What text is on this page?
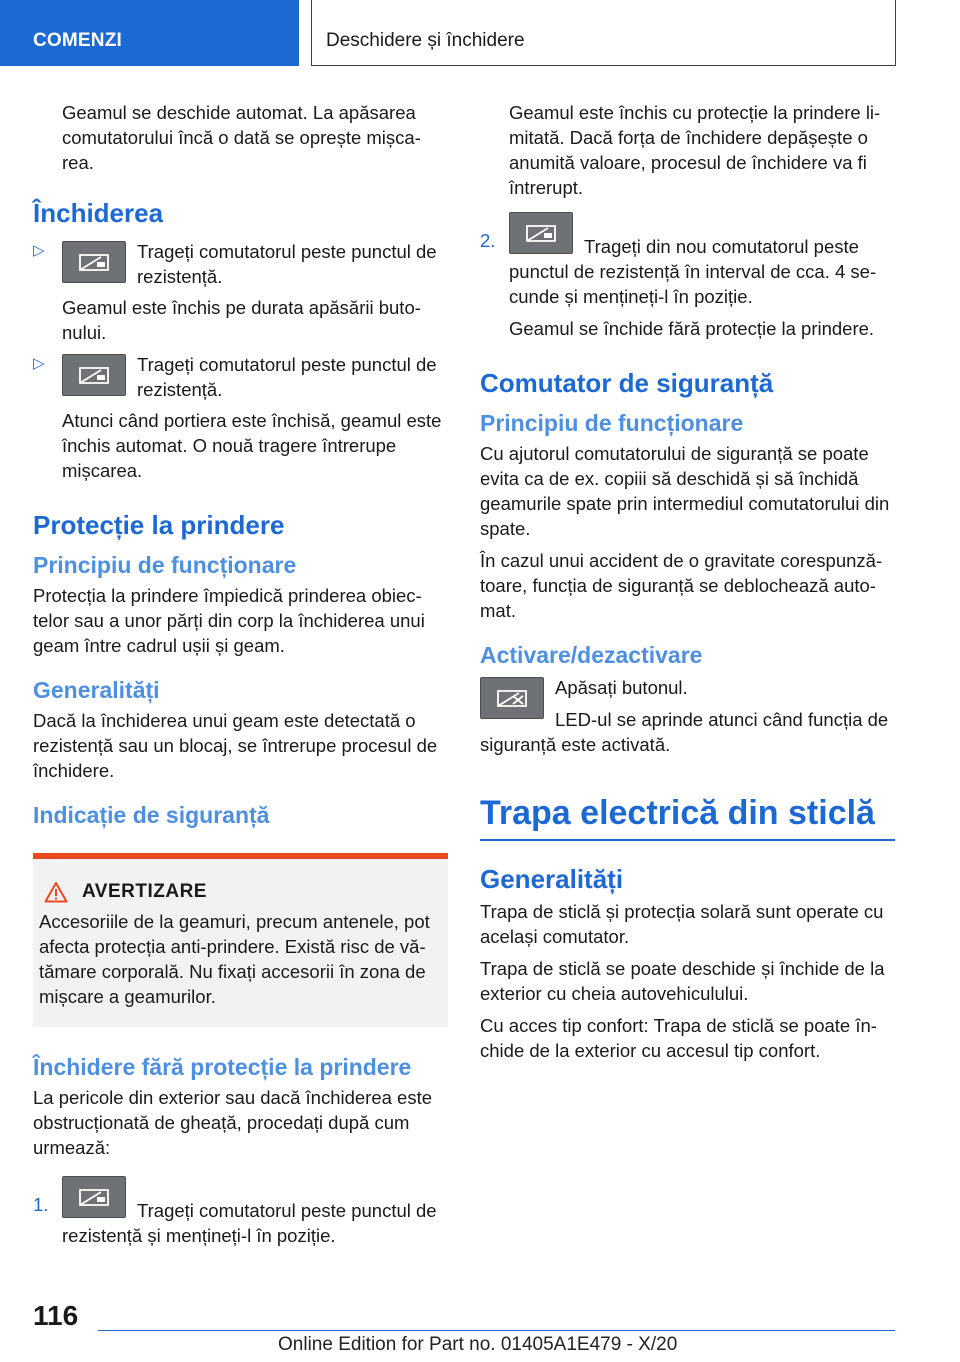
COMENZI	Deschidere și închidere

Geamul se deschide automat. La apăsarea comutatorului încă o dată se oprește mișca-rea.

Închiderea
▷	Trageți comutatorul peste punctul de rezistență.

Geamul este închis pe durata apăsării buto-nului.

▷	Trageți comutatorul peste punctul de rezistență.

Atunci când portiera este închisă, geamul este închis automat. O nouă tragere întrerupe mișcarea.

Protecție la prindere
Principiu de funcționare

Protecția la prindere împiedică prinderea obiec-telor sau a unor părți din corp la închiderea unui geam între cadrul ușii și geam.

Generalități

Dacă la închiderea unui geam este detectată o rezistență sau un blocaj, se întrerupe procesul de închidere.

Indicație de siguranță
AVERTIZARE

Accesoriile de la geamuri, precum antenele, pot afecta protecția anti-prindere. Există risc de vă-tămare corporală. Nu fixați accesorii în zona de mișcare a geamurilor.

Închidere fără protecție la prindere

La pericole din exterior sau dacă închiderea este obstrucționată de gheață, procedați după cum urmează:

1.	Trageți comutatorul peste punctul de rezistență și mențineți-l în poziție.

Geamul este închis cu protecție la prindere li-mitată. Dacă forța de închidere depășește o anumită valoare, procesul de închidere va fi întrerupt.

2.	Trageți din nou comutatorul peste punctul de rezistență în interval de cca. 4 se-cunde și mențineți-l în poziție.

Geamul se închide fără protecție la prindere.

Comutator de siguranță
Principiu de funcționare

Cu ajutorul comutatorului de siguranță se poate evita ca de ex. copiii să deschidă și să închidă geamurile spate prin intermediul comutatorului din spate.

În cazul unui accident de o gravitate corespunză-toare, funcția de siguranță se deblochează auto-mat.

Activare/dezactivare
Apăsați butonul.

LED-ul se aprinde atunci când funcția de siguranță este activată.

Trapa electrică din sticlă
Generalități

Trapa de sticlă și protecția solară sunt operate cu același comutator.

Trapa de sticlă se poate deschide și închide de la exterior cu cheia autovehiculului.

Cu acces tip confort: Trapa de sticlă se poate în-chide de la exterior cu accesul tip confort.

116
Online Edition for Part no. 01405A1E479 - X/20
